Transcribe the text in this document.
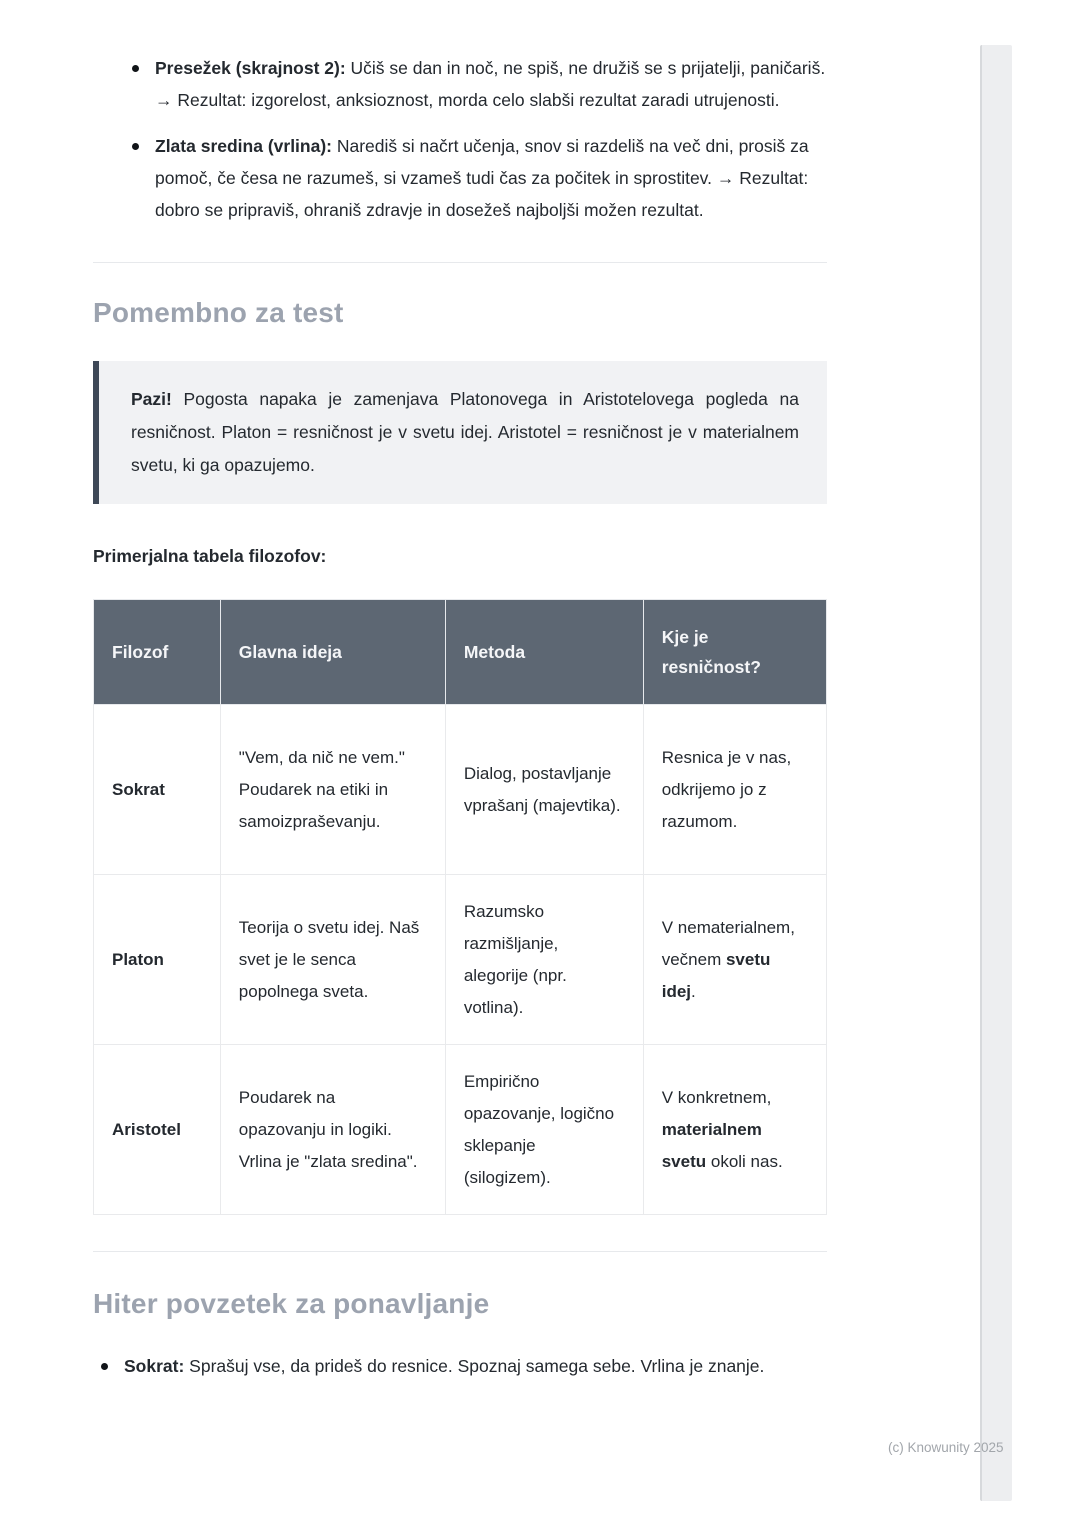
Presežek (skrajnost 2): Učiš se dan in noč, ne spiš, ne družiš se s prijatelji, paničariš. → Rezultat: izgorelost, anksioznost, morda celo slabši rezultat zaradi utrujenosti.
Zlata sredina (vrlina): Narediš si načrt učenja, snov si razdeliš na več dni, prosiš za pomoč, če česa ne razumeš, si vzameš tudi čas za počitek in sprostitev. → Rezultat: dobro se pripraviš, ohraniš zdravje in dosežeš najboljši možen rezultat.
Pomembno za test
Pazi! Pogosta napaka je zamenjava Platonovega in Aristotelovega pogleda na resničnost. Platon = resničnost je v svetu idej. Aristotel = resničnost je v materialnem svetu, ki ga opazujemo.
Primerjalna tabela filozofov:
Filozof	Glavna ideja	Metoda	Kje je resničnost?
Sokrat	"Vem, da nič ne vem." Poudarek na etiki in samoizpraševanju.	Dialog, postavljanje vprašanj (majevtika).	Resnica je v nas, odkrijemo jo z razumom.
Platon	Teorija o svetu idej. Naš svet je le senca popolnega sveta.	Razumsko razmišljanje, alegorije (npr. votlina).	V nematerialnem, večnem svetu idej.
Aristotel	Poudarek na opazovanju in logiki. Vrlina je "zlata sredina".	Empirično opazovanje, logično sklepanje (silogizem).	V konkretnem, materialnem svetu okoli nas.
Hiter povzetek za ponavljanje
Sokrat: Sprašuj vse, da prideš do resnice. Spoznaj samega sebe. Vrlina je znanje.
(c) Knowunity 2025
